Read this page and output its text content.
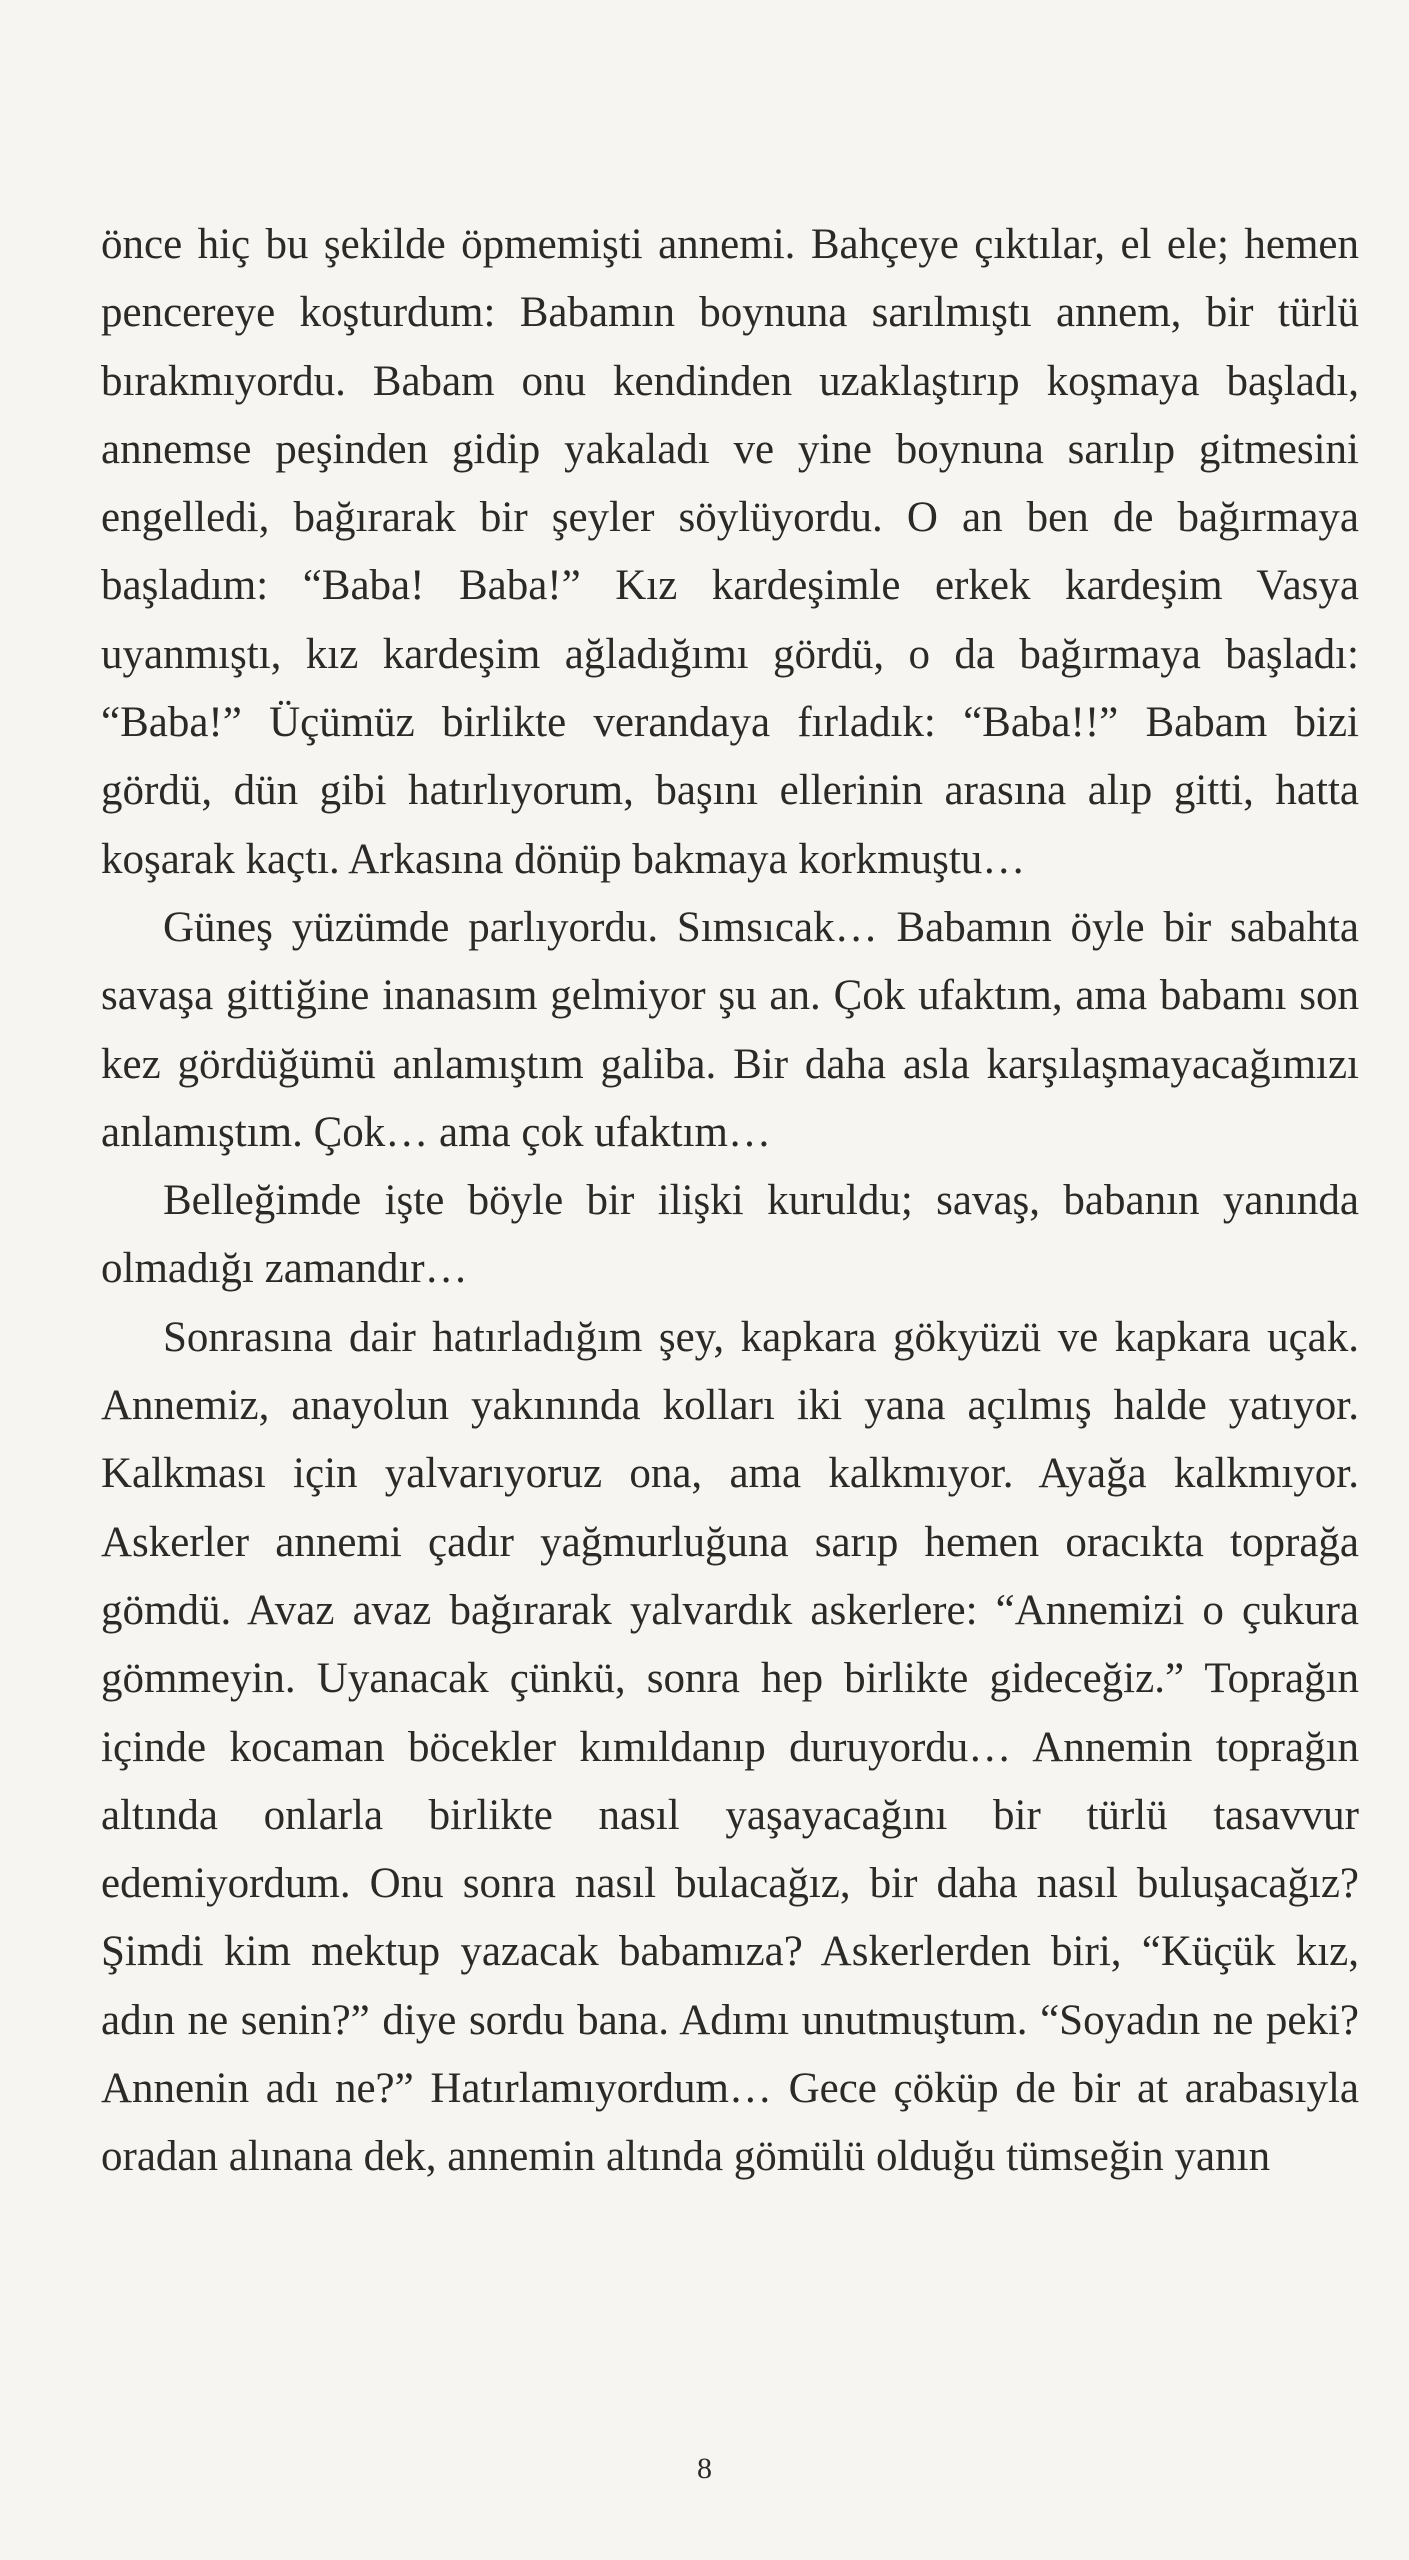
önce hiç bu şekilde öpmemişti annemi. Bahçeye çıktılar, el ele; hemen pencereye koşturdum: Babamın boynuna sarılmıştı annem, bir türlü bırakmıyordu. Babam onu kendinden uzaklaştırıp koşmaya başladı, annemse peşinden gidip yakaladı ve yine boynuna sarılıp gitmesini engelledi, bağırarak bir şeyler söylüyordu. O an ben de bağırmaya başladım: “Baba! Baba!” Kız kardeşimle erkek kardeşim Vasya uyanmıştı, kız kardeşim ağladığımı gördü, o da bağırmaya başladı: “Baba!” Üçümüz birlikte verandaya fırladık: “Baba!!” Babam bizi gördü, dün gibi hatırlıyorum, başını ellerinin arasına alıp gitti, hatta koşarak kaçtı. Arkasına dönüp bakmaya korkmuştu…

Güneş yüzümde parlıyordu. Sımsıcak… Babamın öyle bir sabahta savaşa gittiğine inanasım gelmiyor şu an. Çok ufaktım, ama babamı son kez gördüğümü anlamıştım galiba. Bir daha asla karşılaşmayacağımızı anlamıştım. Çok… ama çok ufaktım…

Belleğimde işte böyle bir ilişki kuruldu; savaş, babanın yanında olmadığı zamandır…

Sonrasına dair hatırladığım şey, kapkara gökyüzü ve kapkara uçak. Annemiz, anayolun yakınında kolları iki yana açılmış halde yatıyor. Kalkması için yalvarıyoruz ona, ama kalkmıyor. Ayağa kalkmıyor. Askerler annemi çadır yağmurluğuna sarıp hemen oracıkta toprağa gömdü. Avaz avaz bağırarak yalvardık askerlere: “Annemizi o çukura gömmeyin. Uyanacak çünkü, sonra hep birlikte gideceğiz.” Toprağın içinde kocaman böcekler kımıldanıp duruyordu… Annemin toprağın altında onlarla birlikte nasıl yaşayacağını bir türlü tasavvur edemiyordum. Onu sonra nasıl bulacağız, bir daha nasıl buluşacağız? Şimdi kim mektup yazacak babamıza? Askerlerden biri, “Küçük kız, adın ne senin?” diye sordu bana. Adımı unutmuştum. “Soyadın ne peki? Annenin adı ne?” Hatırlamıyordum… Gece çöküp de bir at arabasıyla oradan alınana dek, annemin altında gömülü olduğu tümseğin yanın

8
